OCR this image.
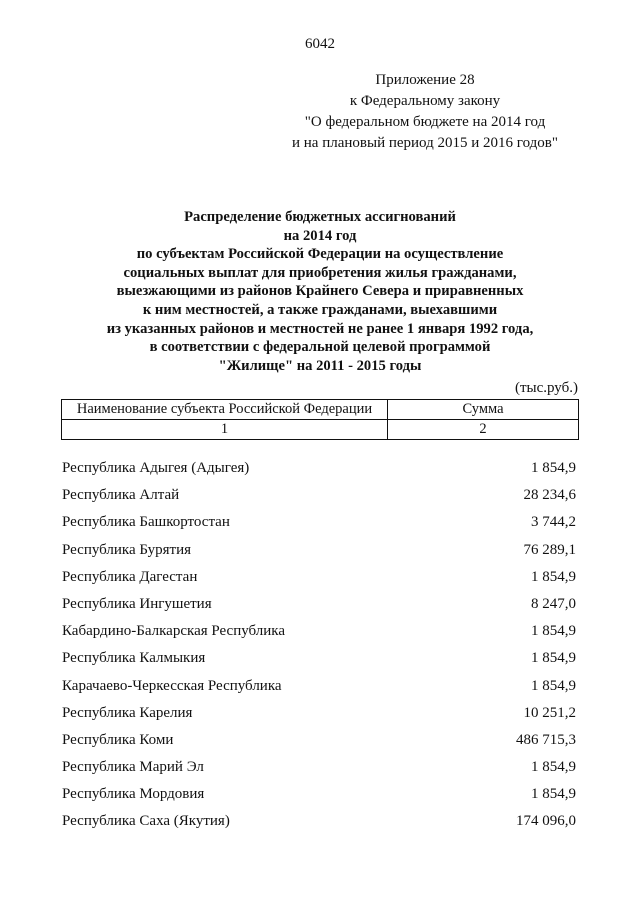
6042
Приложение 28
к Федеральному закону
"О федеральном бюджете на 2014 год
и на плановый период 2015 и 2016 годов"
Распределение бюджетных ассигнований
на 2014 год
по субъектам Российской Федерации на осуществление
социальных выплат для приобретения жилья гражданами,
выезжающими из районов Крайнего Севера и приравненных
к ним местностей, а также гражданами, выехавшими
из указанных районов и местностей не ранее 1 января 1992 года,
в соответствии с федеральной целевой программой
"Жилище" на 2011 - 2015 годы
(тыс.руб.)
Наименование субъекта Российской Федерации	Сумма
1	2
Республика Адыгея (Адыгея)	1 854,9
Республика Алтай	28 234,6
Республика Башкортостан	3 744,2
Республика Бурятия	76 289,1
Республика Дагестан	1 854,9
Республика Ингушетия	8 247,0
Кабардино-Балкарская Республика	1 854,9
Республика Калмыкия	1 854,9
Карачаево-Черкесская Республика	1 854,9
Республика Карелия	10 251,2
Республика Коми	486 715,3
Республика Марий Эл	1 854,9
Республика Мордовия	1 854,9
Республика Саха (Якутия)	174 096,0
